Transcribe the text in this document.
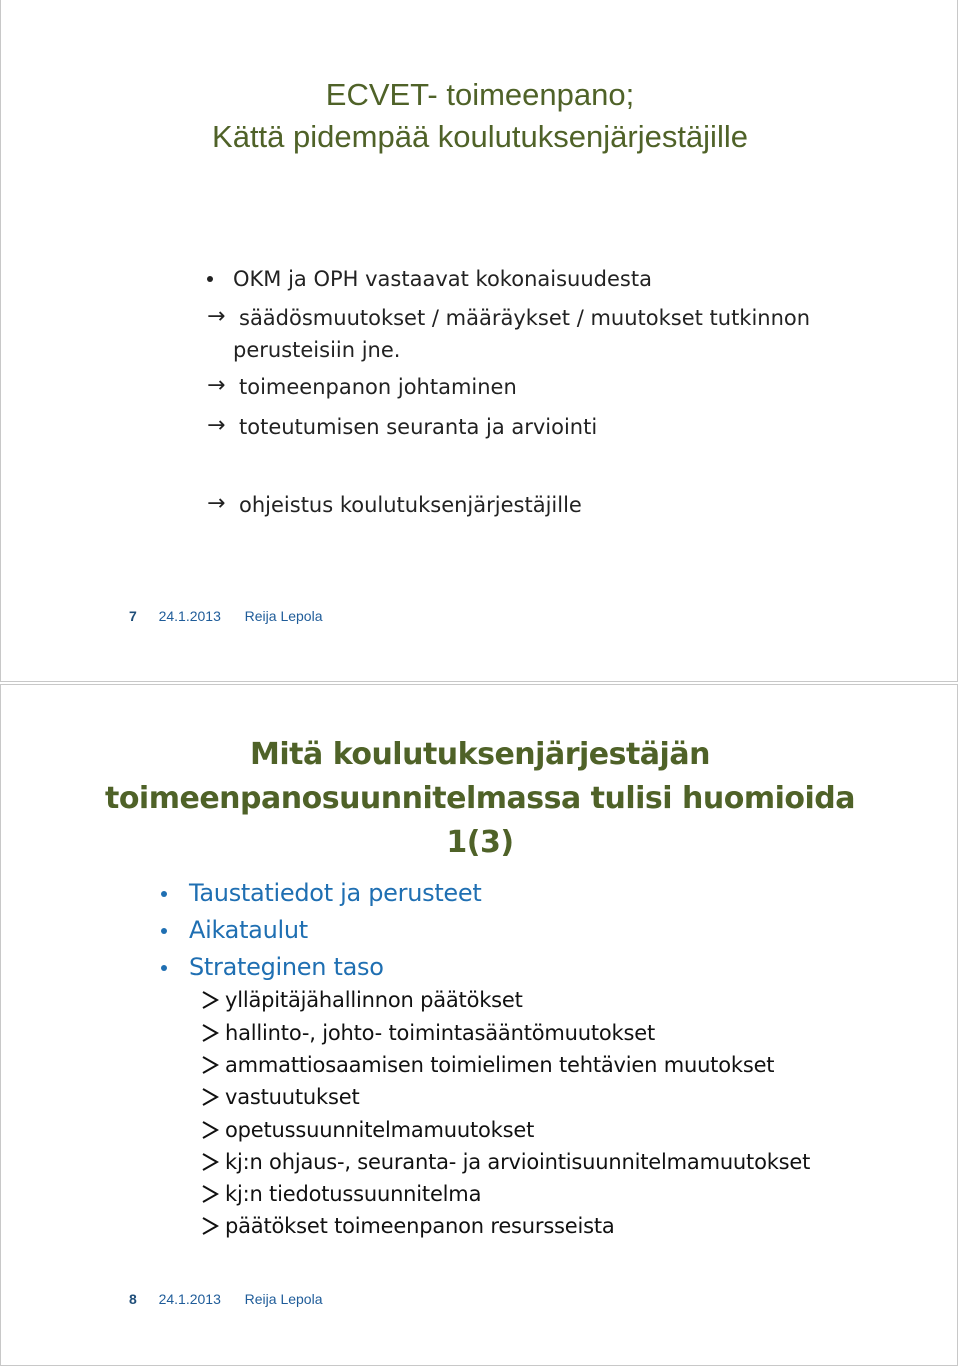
ECVET- toimeenpano;
Kättä pidempää koulutuksenjärjestäjille
OKM ja OPH vastaavat kokonaisuudesta
→ säädösmuutokset / määräykset / muutokset tutkinnon
perusteisiin jne.
→ toimeenpanon johtaminen
→ toteutumisen seuranta ja arviointi
→ ohjeistus koulutuksenjärjestäjille
7 24.1.2013 Reija Lepola
Mitä koulutuksenjärjestäjän
toimeenpanosuunnitelmassa tulisi huomioida
1(3)
Taustatiedot ja perusteet
Aikataulut
Strateginen taso
ylläpitäjähallinnon päätökset
hallinto-, johto- toimintasääntömuutokset
ammattiosaamisen toimielimen tehtävien muutokset
vastuutukset
opetussuunnitelmamuutokset
kj:n ohjaus-, seuranta- ja arviointisuunnitelmamuutokset
kj:n tiedotussuunnitelma
päätökset toimeenpanon resursseista
8 24.1.2013 Reija Lepola
